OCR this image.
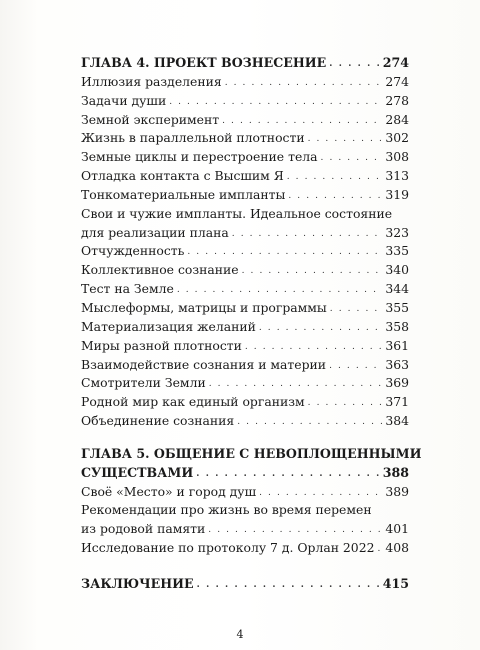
ГЛАВА 4. ПРОЕКТ ВОЗНЕСЕНИЕ . . .	274
Иллюзия разделения . . .	274
Задачи души . . .	278
Земной эксперимент . . .	284
Жизнь в параллельной плотности . . .	302
Земные циклы и перестроение тела . . .	308
Отладка контакта с Высшим Я . . .	313
Тонкоматериальные импланты . . .	319
Свои и чужие импланты. Идеальное состояние
для реализации плана . . .	323
Отчужденность . . .	335
Коллективное сознание . . .	340
Тест на Земле . . .	344
Мыслеформы, матрицы и программы . . .	355
Материализация желаний . . .	358
Миры разной плотности . . .	361
Взаимодействие сознания и материи . . .	363
Смотрители Земли . . .	369
Родной мир как единый организм . . .	371
Объединение сознания . . .	384
ГЛАВА 5. ОБЩЕНИЕ С НЕВОПЛОЩЕННЫМИ
СУЩЕСТВАМИ . . .	388
Своё «Место» и город душ . . .	389
Рекомендации про жизнь во время перемен
из родовой памяти . . .	401
Исследование по протоколу 7 д. Орлан 2022 . . . 408
ЗАКЛЮЧЕНИЕ . . .	415
4
